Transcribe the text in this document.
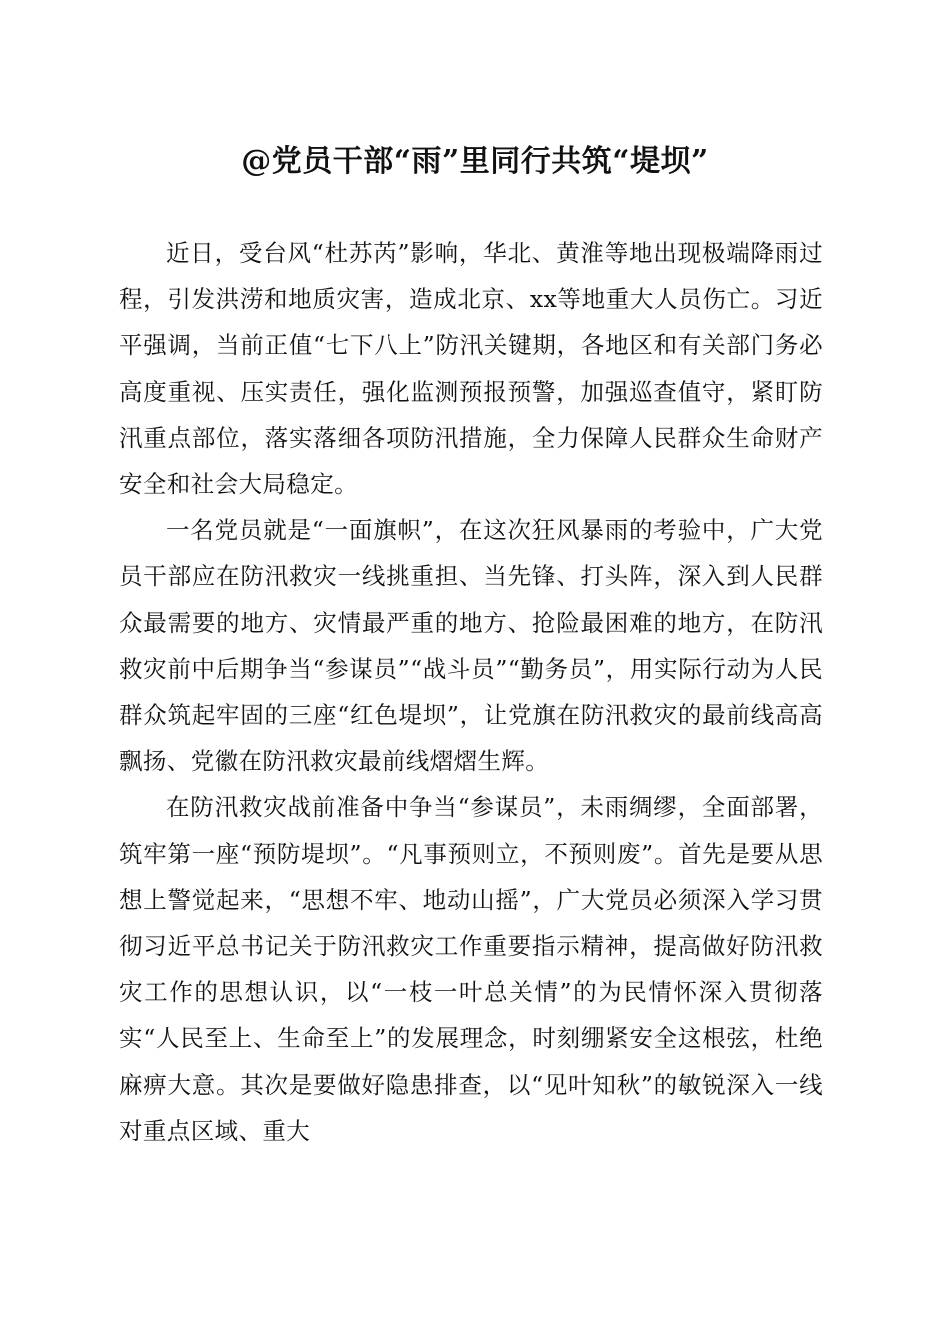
@党员干部“雨”里同行共筑“堤坝”

近日，受台风“杜苏芮”影响，华北、黄淮等地出现极端降雨过程，引发洪涝和地质灾害，造成北京、xx等地重大人员伤亡。习近平强调，当前正值“七下八上”防汛关键期，各地区和有关部门务必高度重视、压实责任，强化监测预报预警，加强巡查值守，紧盯防汛重点部位，落实落细各项防汛措施，全力保障人民群众生命财产安全和社会大局稳定。

一名党员就是“一面旗帜”，在这次狂风暴雨的考验中，广大党员干部应在防汛救灾一线挑重担、当先锋、打头阵，深入到人民群众最需要的地方、灾情最严重的地方、抢险最困难的地方，在防汛救灾前中后期争当“参谋员”“战斗员”“勤务员”，用实际行动为人民群众筑起牢固的三座“红色堤坝”，让党旗在防汛救灾的最前线高高飘扬、党徽在防汛救灾最前线熠熠生辉。

在防汛救灾战前准备中争当“参谋员”，未雨绸缪，全面部署，筑牢第一座“预防堤坝”。“凡事预则立，不预则废”。首先是要从思想上警觉起来，“思想不牢、地动山摇”，广大党员必须深入学习贯彻习近平总书记关于防汛救灾工作重要指示精神，提高做好防汛救灾工作的思想认识，以“一枝一叶总关情”的为民情怀深入贯彻落实“人民至上、生命至上”的发展理念，时刻绷紧安全这根弦，杜绝麻痹大意。其次是要做好隐患排查，以“见叶知秋”的敏锐深入一线对重点区域、重大
